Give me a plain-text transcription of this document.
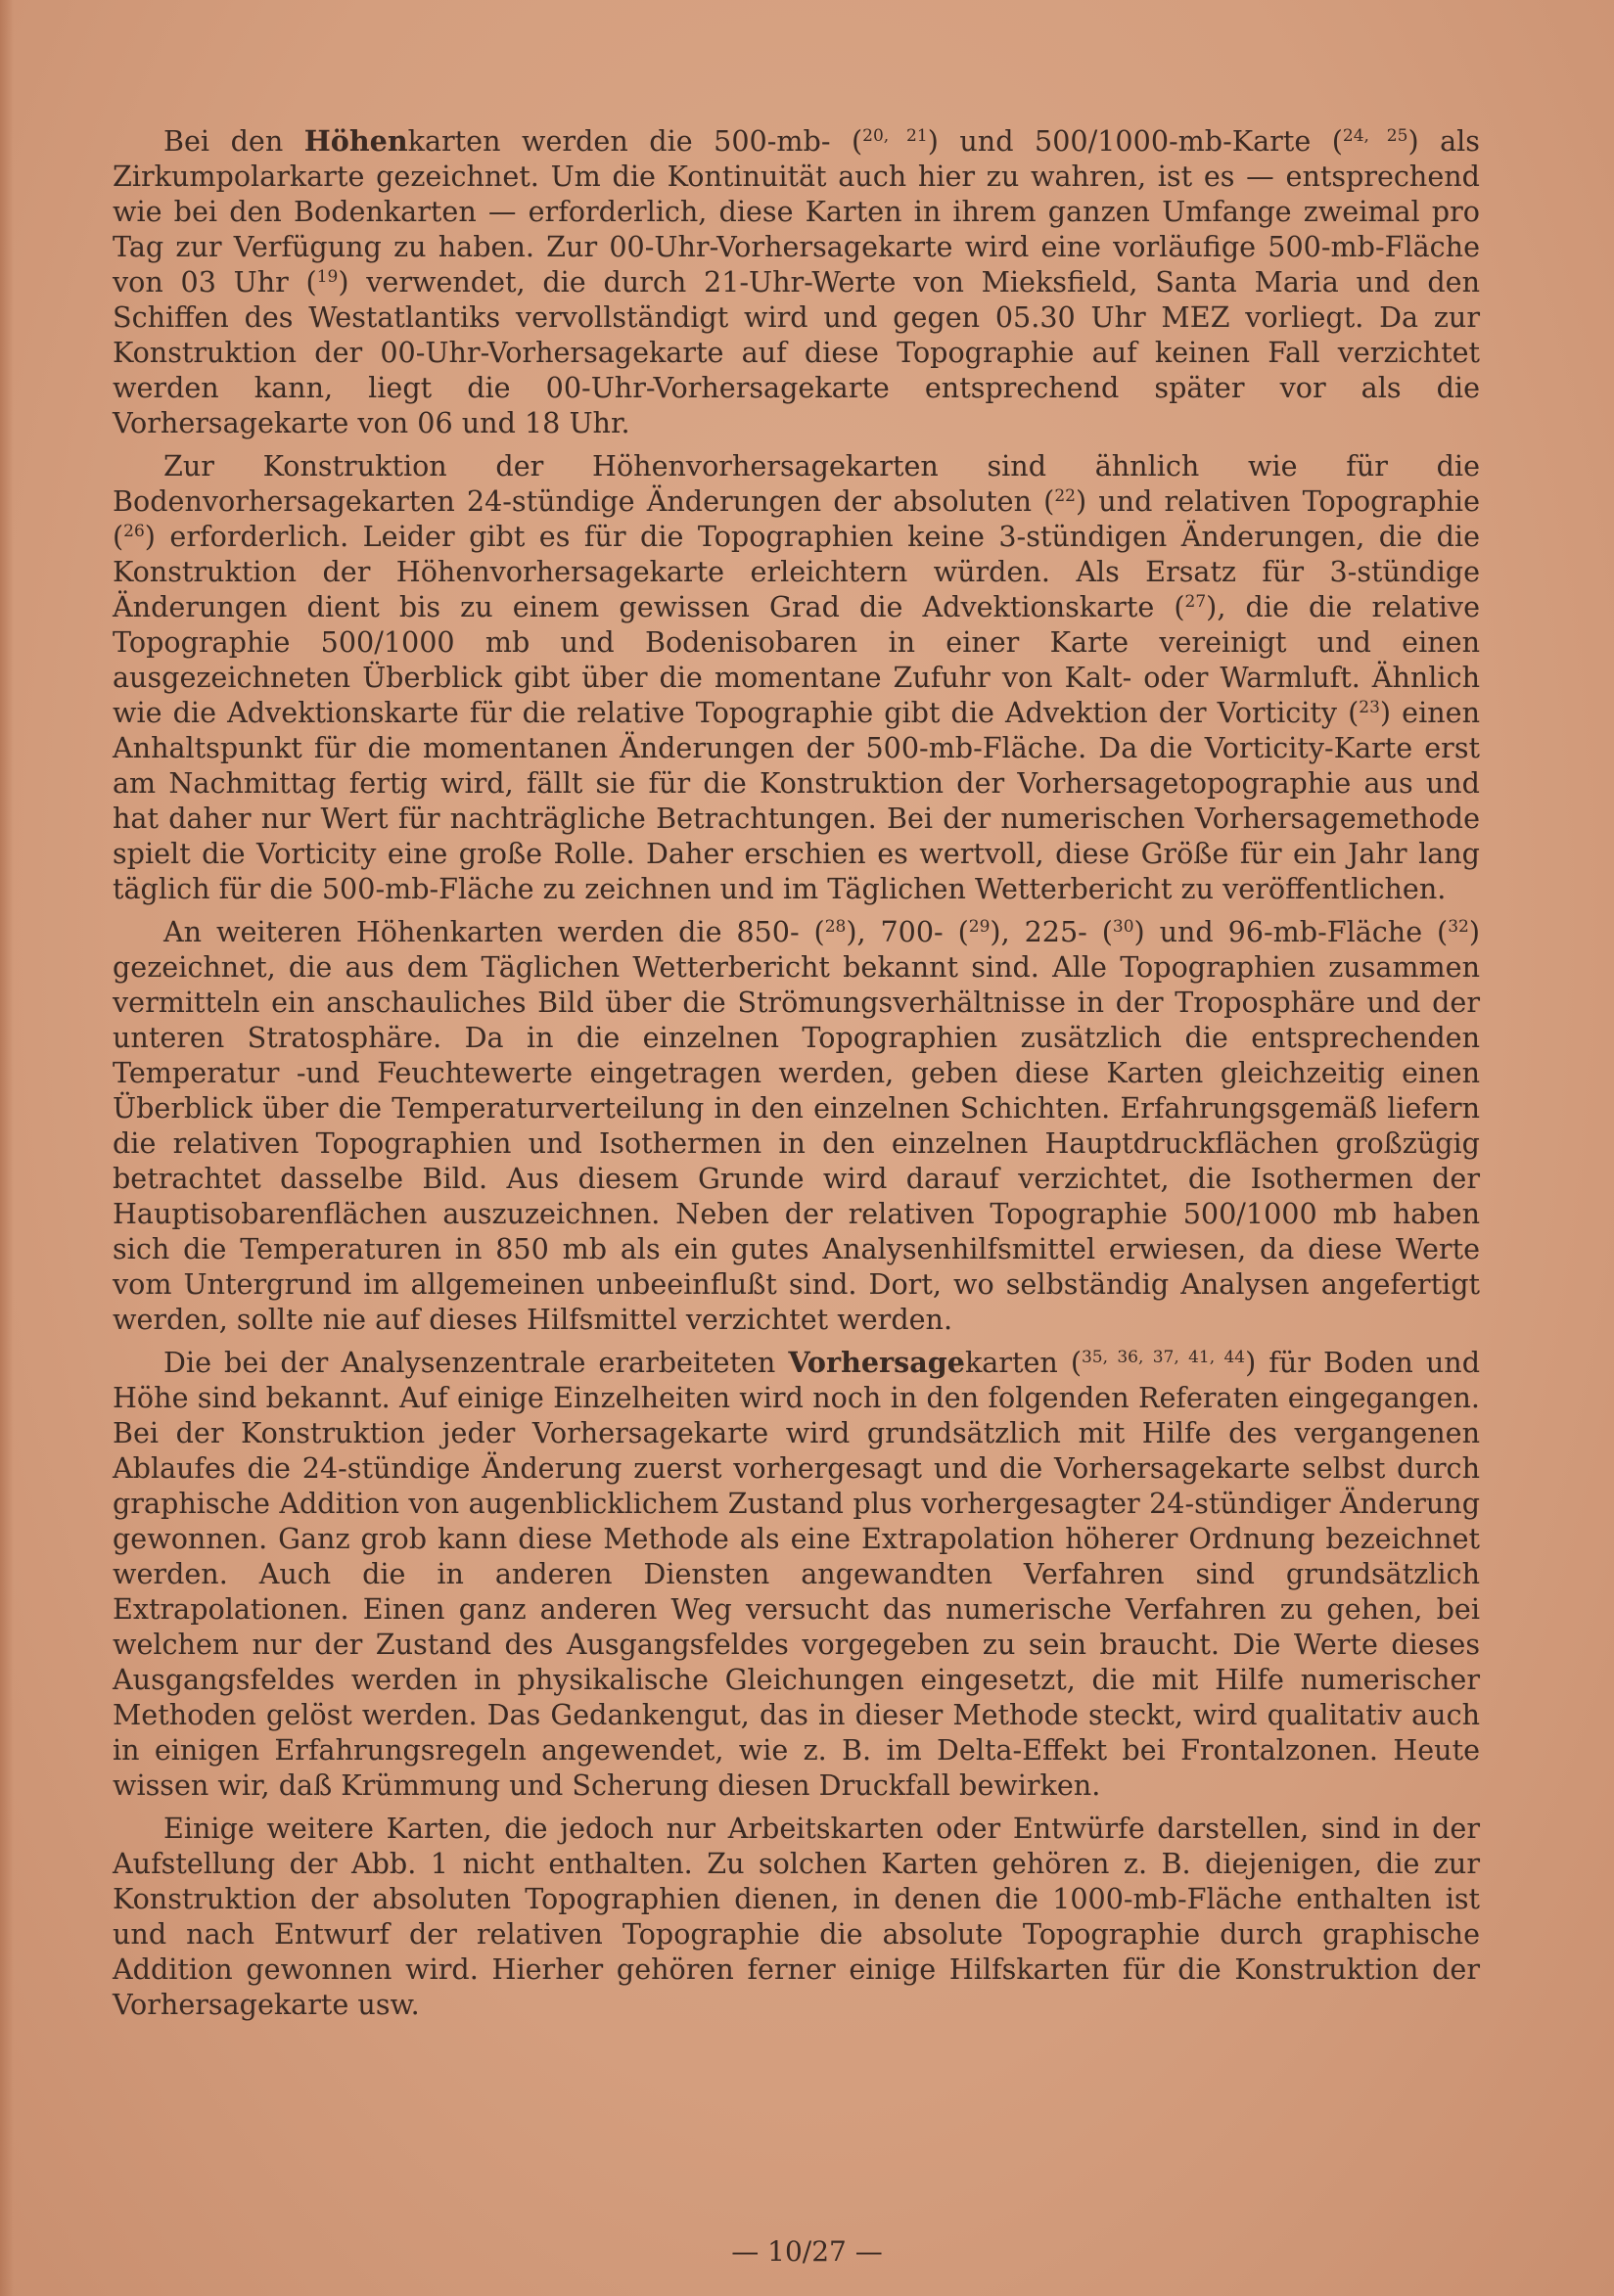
Bei den Höhenkarten werden die 500-mb- ($^{20, 21}$) und 500/1000-mb-Karte ($^{24, 25}$) als Zirkumpolarkarte gezeichnet. Um die Kontinuität auch hier zu wahren, ist es — entsprechend wie bei den Bodenkarten — erforderlich, diese Karten in ihrem ganzen Umfange zweimal pro Tag zur Verfügung zu haben. Zur 00-Uhr-Vorhersagekarte wird eine vorläufige 500-mb-Fläche von 03 Uhr ($^{19}$) verwendet, die durch 21-Uhr-Werte von Mieksfield, Santa Maria und den Schiffen des Westatlantiks vervollständigt wird und gegen 05.30 Uhr MEZ vorliegt. Da zur Konstruktion der 00-Uhr-Vorhersagekarte auf diese Topographie auf keinen Fall verzichtet werden kann, liegt die 00-Uhr-Vorhersagekarte entsprechend später vor als die Vorhersagekarte von 06 und 18 Uhr.

Zur Konstruktion der Höhenvorhersagekarten sind ähnlich wie für die Bodenvorhersagekarten 24-stündige Änderungen der absoluten ($^{22}$) und relativen Topographie ($^{26}$) erforderlich. Leider gibt es für die Topographien keine 3-stündigen Änderungen, die die Konstruktion der Höhenvorhersagekarte erleichtern würden. Als Ersatz für 3-stündige Änderungen dient bis zu einem gewissen Grad die Advektionskarte ($^{27}$), die die relative Topographie 500/1000 mb und Bodenisobaren in einer Karte vereinigt und einen ausgezeichneten Überblick gibt über die momentane Zufuhr von Kalt- oder Warmluft. Ähnlich wie die Advektionskarte für die relative Topographie gibt die Advektion der Vorticity ($^{23}$) einen Anhaltspunkt für die momentanen Änderungen der 500-mb-Fläche. Da die Vorticity-Karte erst am Nachmittag fertig wird, fällt sie für die Konstruktion der Vorhersagetopographie aus und hat daher nur Wert für nachträgliche Betrachtungen. Bei der numerischen Vorhersagemethode spielt die Vorticity eine große Rolle. Daher erschien es wertvoll, diese Größe für ein Jahr lang täglich für die 500-mb-Fläche zu zeichnen und im Täglichen Wetterbericht zu veröffentlichen.

An weiteren Höhenkarten werden die 850- ($^{28}$), 700- ($^{29}$), 225- ($^{30}$) und 96-mb-Fläche ($^{32}$) gezeichnet, die aus dem Täglichen Wetterbericht bekannt sind. Alle Topographien zusammen vermitteln ein anschauliches Bild über die Strömungsverhältnisse in der Troposphäre und der unteren Stratosphäre. Da in die einzelnen Topographien zusätzlich die entsprechenden Temperatur -und Feuchtewerte eingetragen werden, geben diese Karten gleichzeitig einen Überblick über die Temperaturverteilung in den einzelnen Schichten. Erfahrungsgemäß liefern die relativen Topographien und Isothermen in den einzelnen Hauptdruckflächen großzügig betrachtet dasselbe Bild. Aus diesem Grunde wird darauf verzichtet, die Isothermen der Hauptisobarenflächen auszuzeichnen. Neben der relativen Topographie 500/1000 mb haben sich die Temperaturen in 850 mb als ein gutes Analysenhilfsmittel erwiesen, da diese Werte vom Untergrund im allgemeinen unbeeinflußt sind. Dort, wo selbständig Analysen angefertigt werden, sollte nie auf dieses Hilfsmittel verzichtet werden.

Die bei der Analysenzentrale erarbeiteten Vorhersagekarten ($^{35, 36, 37, 41, 44}$) für Boden und Höhe sind bekannt. Auf einige Einzelheiten wird noch in den folgenden Referaten eingegangen. Bei der Konstruktion jeder Vorhersagekarte wird grundsätzlich mit Hilfe des vergangenen Ablaufes die 24-stündige Änderung zuerst vorhergesagt und die Vorhersagekarte selbst durch graphische Addition von augenblicklichem Zustand plus vorhergesagter 24-stündiger Änderung gewonnen. Ganz grob kann diese Methode als eine Extrapolation höherer Ordnung bezeichnet werden. Auch die in anderen Diensten angewandten Verfahren sind grundsätzlich Extrapolationen. Einen ganz anderen Weg versucht das numerische Verfahren zu gehen, bei welchem nur der Zustand des Ausgangsfeldes vorgegeben zu sein braucht. Die Werte dieses Ausgangsfeldes werden in physikalische Gleichungen eingesetzt, die mit Hilfe numerischer Methoden gelöst werden. Das Gedankengut, das in dieser Methode steckt, wird qualitativ auch in einigen Erfahrungsregeln angewendet, wie z. B. im Delta-Effekt bei Frontalzonen. Heute wissen wir, daß Krümmung und Scherung diesen Druckfall bewirken.

Einige weitere Karten, die jedoch nur Arbeitskarten oder Entwürfe darstellen, sind in der Aufstellung der Abb. 1 nicht enthalten. Zu solchen Karten gehören z. B. diejenigen, die zur Konstruktion der absoluten Topographien dienen, in denen die 1000-mb-Fläche enthalten ist und nach Entwurf der relativen Topographie die absolute Topographie durch graphische Addition gewonnen wird. Hierher gehören ferner einige Hilfskarten für die Konstruktion der Vorhersagekarte usw.

— 10/27 —
